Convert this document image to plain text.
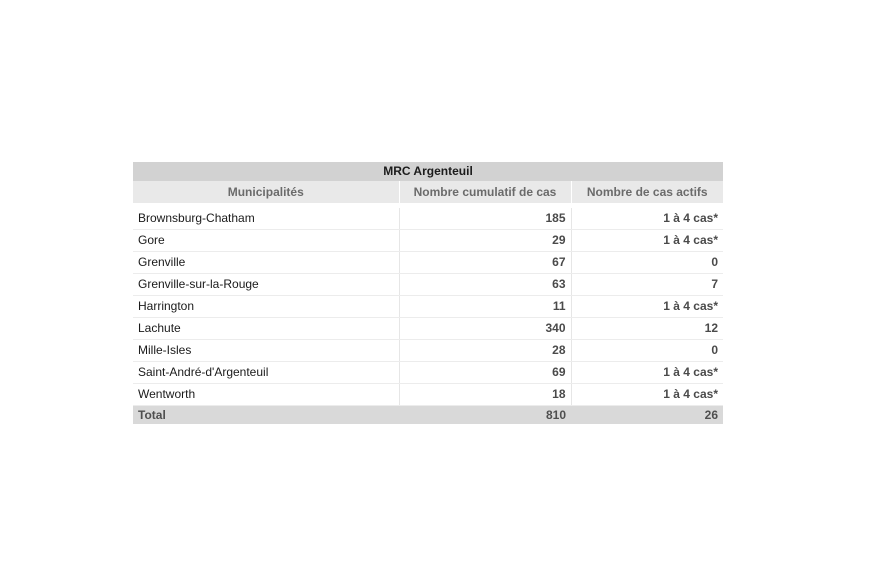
MRC Argenteuil		
Municipalités	Nombre cumulatif de cas	Nombre de cas actifs

Brownsburg-Chatham	185	1 à 4 cas*
Gore	29	1 à 4 cas*
Grenville	67	0
Grenville-sur-la-Rouge	63	7
Harrington	11	1 à 4 cas*
Lachute	340	12
Mille-Isles	28	0
Saint-André-d'Argenteuil	69	1 à 4 cas*
Wentworth	18	1 à 4 cas*
Total	810	26
